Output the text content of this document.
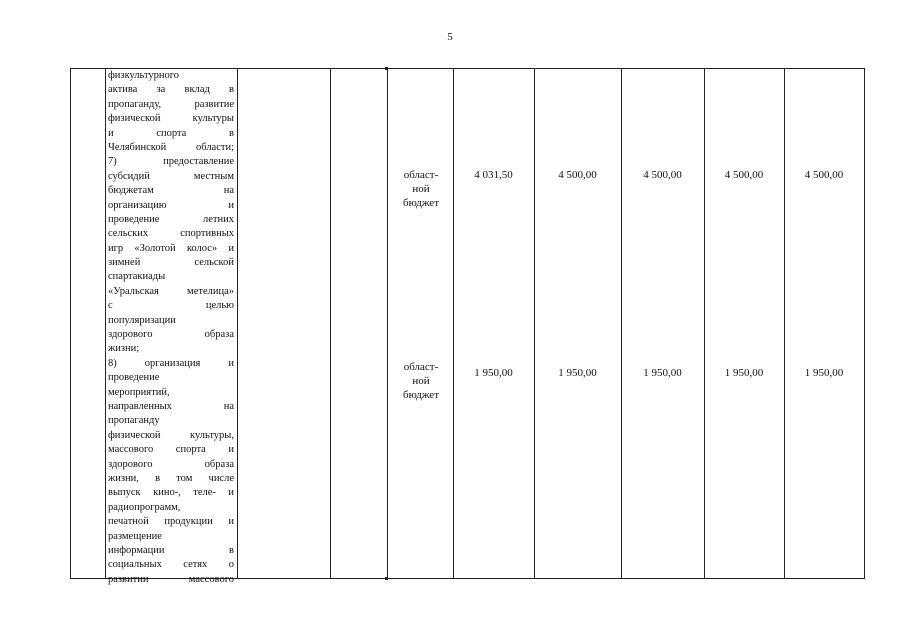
5
физкультурного
актива за вклад в
пропаганду, развитие
физической культуры
и спорта в
Челябинской области;
7) предоставление
субсидий местным
бюджетам на
организацию и
проведение летних
сельских спортивных
игр «Золотой колос» и
зимней сельской
спартакиады
«Уральская метелица»
с целью
популяризации
здорового образа
жизни;
8) организация и
проведение
мероприятий,
направленных на
пропаганду
физической культуры,
массового спорта и
здорового образа
жизни, в том числе
выпуск кино-, теле- и
радиопрограмм,
печатной продукции и
размещение
информации в
социальных сетях о
развитии массового
област-
ной
бюджет
4 031,50	4 500,00	4 500,00	4 500,00	4 500,00
област-
ной
бюджет
1 950,00	1 950,00	1 950,00	1 950,00	1 950,00
